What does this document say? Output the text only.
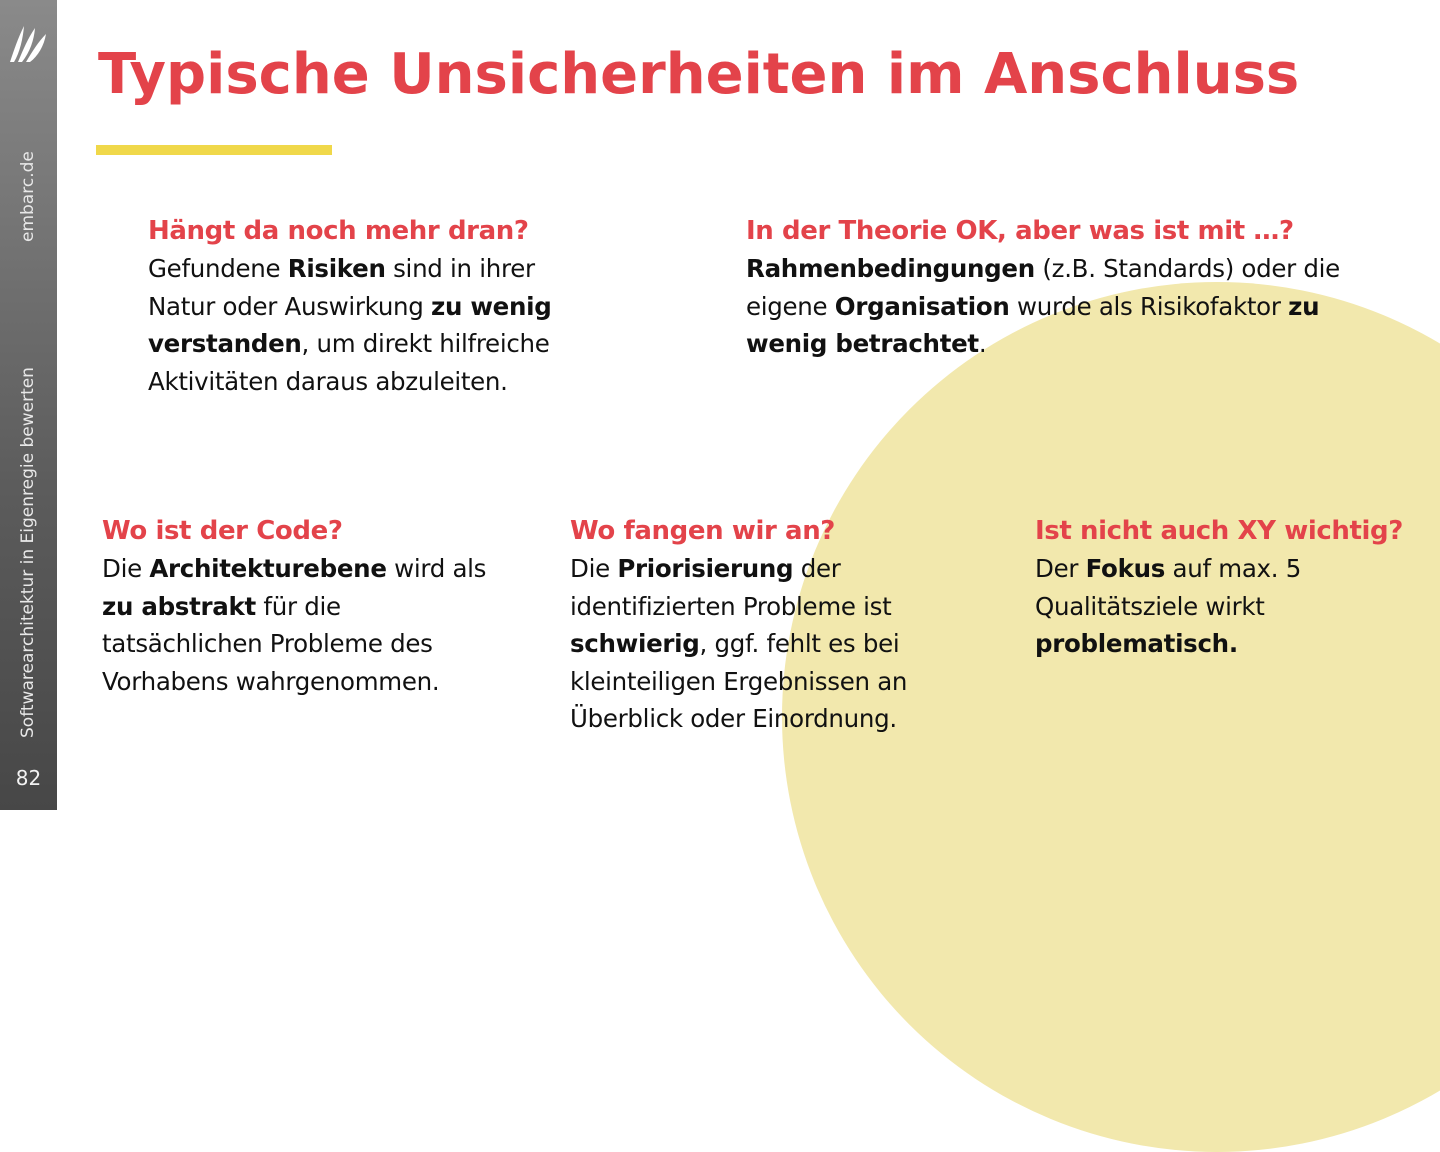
embarc.de
Softwarearchitektur in Eigenregie bewerten
82
Typische Unsicherheiten im Anschluss
Hängt da noch mehr dran?

Gefundene Risiken sind in ihrer Natur oder Auswirkung zu wenig verstanden, um direkt hilfreiche Aktivitäten daraus abzuleiten.

In der Theorie OK, aber was ist mit …?

Rahmenbedingungen (z.B. Standards) oder die eigene Organisation wurde als Risikofaktor zu wenig betrachtet.

Wo ist der Code?

Die Architekturebene wird als zu abstrakt für die tatsächlichen Probleme des Vorhabens wahrgenommen.

Wo fangen wir an?

Die Priorisierung der identifizierten Probleme ist schwierig, ggf. fehlt es bei kleinteiligen Ergebnissen an Überblick oder Einordnung.

Ist nicht auch XY wichtig?

Der Fokus auf max. 5 Qualitätsziele wirkt problematisch.
